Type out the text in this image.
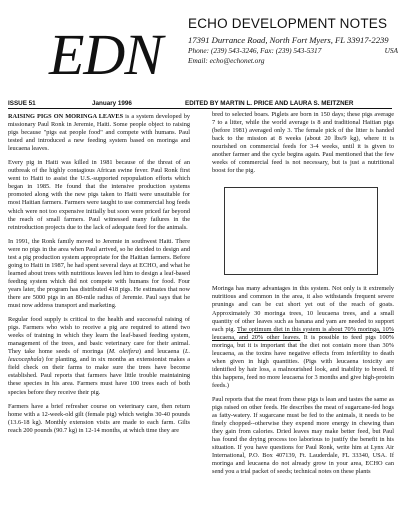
EDN ECHO DEVELOPMENT NOTES
17391 Durrance Road, North Fort Myers, FL 33917-2239
Phone: (239) 543-3246, Fax: (239) 543-5317	USA
Email: echo@echonet.org
ISSUE 51	January 1996	EDITED BY MARTIN L. PRICE AND LAURA S. MEITZNER

RAISING PIGS ON MORINGA LEAVES is a system developed by missionary Paul Ronk in Jeremie, Haiti. Some people object to raising pigs because "pigs eat people food" and compete with humans. Paul tested and introduced a new feeding system based on moringa and leucaena leaves.

Every pig in Haiti was killed in 1981 because of the threat of an outbreak of the highly contagious African swine fever. Paul Ronk first went to Haiti to assist the U.S.-supported repopulation efforts which began in 1985. He found that the intensive production systems promoted along with the new pigs taken to Haiti were unsuitable for most Haitian farmers. Farmers were taught to use commercial hog feeds which were not too expensive initially but soon were priced far beyond the reach of small farmers. Paul witnessed many failures in the reintroduction projects due to the lack of adequate feed for the animals.

In 1991, the Ronk family moved to Jeremie in southwest Haiti. There were no pigs in the area when Paul arrived, so he decided to design and test a pig production system appropriate for the Haitian farmers. Before going to Haiti in 1987, he had spent several days at ECHO, and what he learned about trees with nutritious leaves led him to design a leaf-based feeding system which did not compete with humans for food. Four years later, the program has distributed 418 pigs. He estimates that now there are 5000 pigs in an 80-mile radius of Jeremie. Paul says that he must now address transport and marketing.

Regular food supply is critical to the health and successful raising of pigs. Farmers who wish to receive a pig are required to attend two weeks of training in which they learn the leaf-based feeding system, management of the trees, and basic veterinary care for their animal. They take home seeds of moringa (M. oleifera) and leucaena (L. leucocephala) for planting, and in six months an extensionist makes a field check on their farms to make sure the trees have become established. Paul reports that farmers have little trouble maintaining these species in his area. Farmers must have 100 trees each of both species before they receive their pig.

Farmers have a brief refresher course on veterinary care, then return home with a 12-week-old gilt (female pig) which weighs 30-40 pounds (13.6-18 kg). Monthly extension visits are made to each farm. Gilts reach 200 pounds (90.7 kg) in 12-14 months, at which time they are

bred to selected boars. Piglets are born in 150 days; these pigs average 7 to a litter, while the world average is 8 and traditional Haitian pigs (before 1981) averaged only 3. The female pick of the litter is handed back to the mission at 8 weeks (about 20 lbs/9 kg), where it is nourished on commercial feeds for 3-4 weeks, until it is given to another farmer and the cycle begins again. Paul mentioned that the few weeks of commercial feed is not necessary, but is just a nutritional boost for the pig.

Moringa has many advantages in this system. Not only is it extremely nutritious and common in the area, it also withstands frequent severe prunings and can be cut short yet out of the reach of goats. Approximately 30 moringa trees, 10 leucaena trees, and a small quantity of other leaves such as banana and yam are needed to support each pig. The optimum diet in this system is about 70% moringa, 10% leucaena, and 20% other leaves. It is possible to feed pigs 100% moringa, but it is important that the diet not contain more than 30% leucaena, as the toxins have negative effects from infertility to death when given in high quantities. (Pigs with leucaena toxicity are identified by hair loss, a malnourished look, and inability to breed. If this happens, feed no more leucaena for 3 months and give high-protein feeds.)

Paul reports that the meat from these pigs is lean and tastes the same as pigs raised on other feeds. He describes the meat of sugarcane-fed hogs as fatty-watery. If sugarcane must be fed to the animals, it needs to be finely chopped--otherwise they expend more energy in chewing than they gain from calories. Dried leaves may make better feed, but Paul has found the drying process too laborious to justify the benefit in his situation. If you have questions for Paul Ronk, write him at Lynx Air International, P.O. Box 407139, Ft. Lauderdale, FL 33340, USA. If moringa and leucaena do not already grow in your area, ECHO can send you a trial packet of seeds; technical notes on these plants
